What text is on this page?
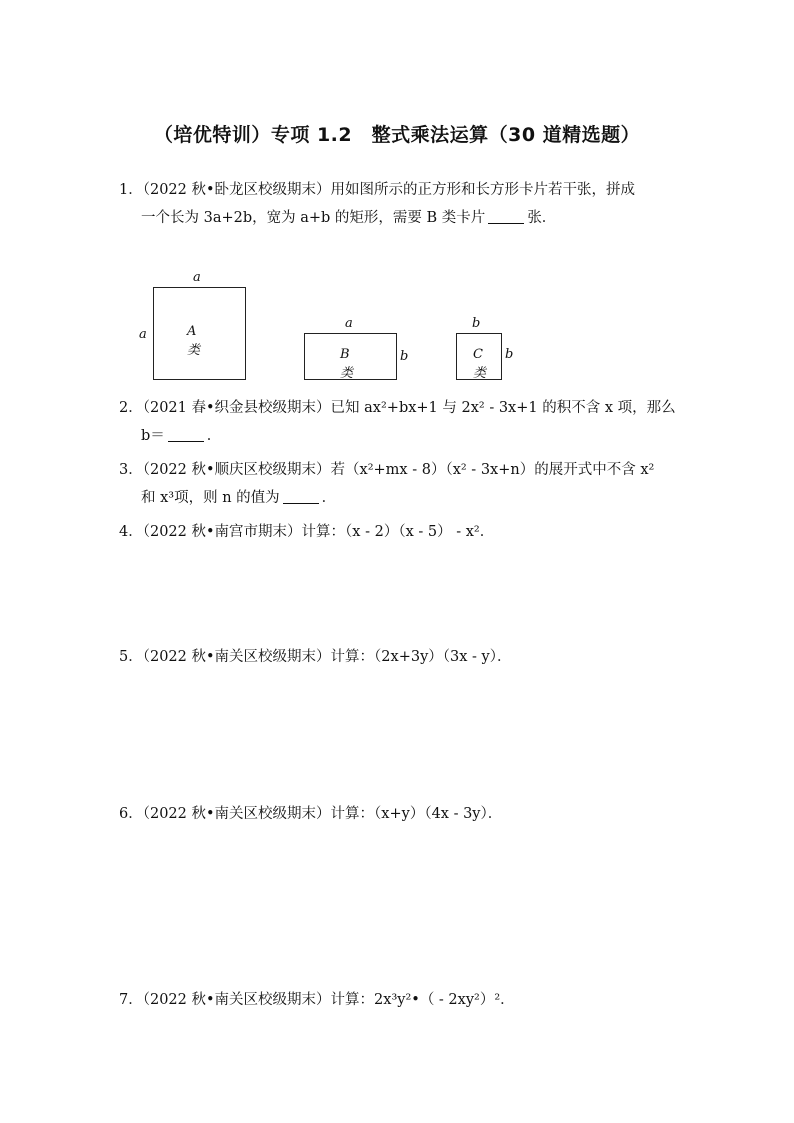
（培优特训）专项 1.2　整式乘法运算（30 道精选题）
1．（2022 秋•卧龙区校级期末）用如图所示的正方形和长方形卡片若干张，拼成
一个长为 3a+2b，宽为 a+b 的矩形，需要 B 类卡片	张．
a
a	A类
a
b
B类
b
b
C类
2．（2021 春•织金县校级期末）已知 ax²+bx+1 与 2x² - 3x+1 的积不含 x 项，那么
b＝	．
3．（2022 秋•顺庆区校级期末）若（x²+mx - 8）（x² - 3x+n）的展开式中不含 x²
和 x³项，则 n 的值为	．
4．（2022 秋•南宫市期末）计算：（x - 2）（x - 5） - x²．
5．（2022 秋•南关区校级期末）计算：（2x+3y）（3x - y）．
6．（2022 秋•南关区校级期末）计算：（x+y）（4x - 3y）．
7．（2022 秋•南关区校级期末）计算：2x³y²•（ - 2xy²）²．
